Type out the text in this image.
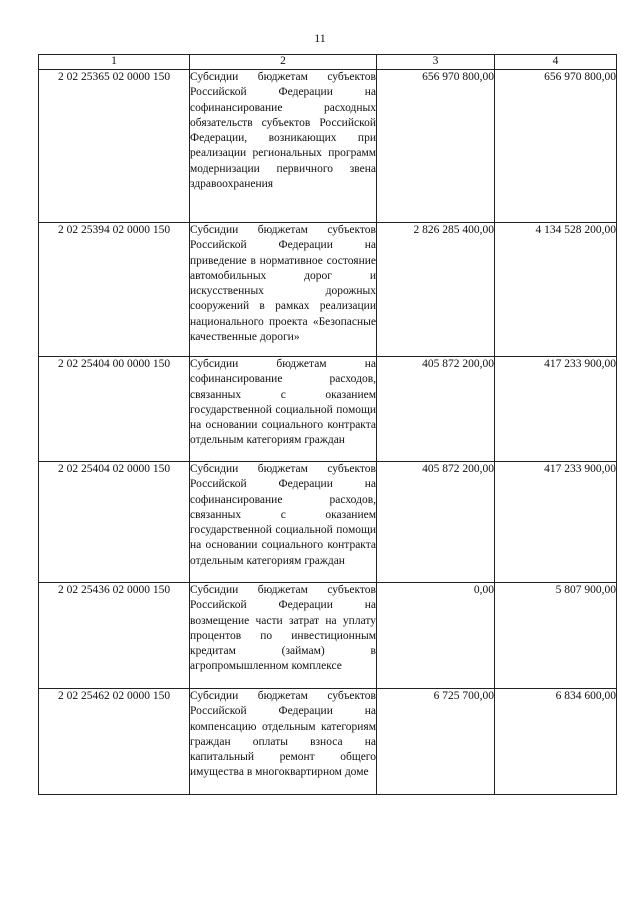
11
1	2	3	4
2 02 25365 02 0000 150	Субсидии бюджетам субъектов Российской Федерации на софинансирование расходных обязательств субъектов Российской Федерации, возникающих при реализации региональных программ модернизации первичного звена здравоохранения	656 970 800,00	656 970 800,00
2 02 25394 02 0000 150	Субсидии бюджетам субъектов Российской Федерации на приведение в нормативное состояние автомобильных дорог и искусственных дорожных сооружений в рамках реализации национального проекта «Безопасные качественные дороги»	2 826 285 400,00	4 134 528 200,00
2 02 25404 00 0000 150	Субсидии бюджетам на софинансирование расходов, связанных с оказанием государственной социальной помощи на основании социального контракта отдельным категориям граждан	405 872 200,00	417 233 900,00
2 02 25404 02 0000 150	Субсидии бюджетам субъектов Российской Федерации на софинансирование расходов, связанных с оказанием государственной социальной помощи на основании социального контракта отдельным категориям граждан	405 872 200,00	417 233 900,00
2 02 25436 02 0000 150	Субсидии бюджетам субъектов Российской Федерации на возмещение части затрат на уплату процентов по инвестиционным кредитам (займам) в агропромышленном комплексе	0,00	5 807 900,00
2 02 25462 02 0000 150	Субсидии бюджетам субъектов Российской Федерации на компенсацию отдельным категориям граждан оплаты взноса на капитальный ремонт общего имущества в многоквартирном доме	6 725 700,00	6 834 600,00
